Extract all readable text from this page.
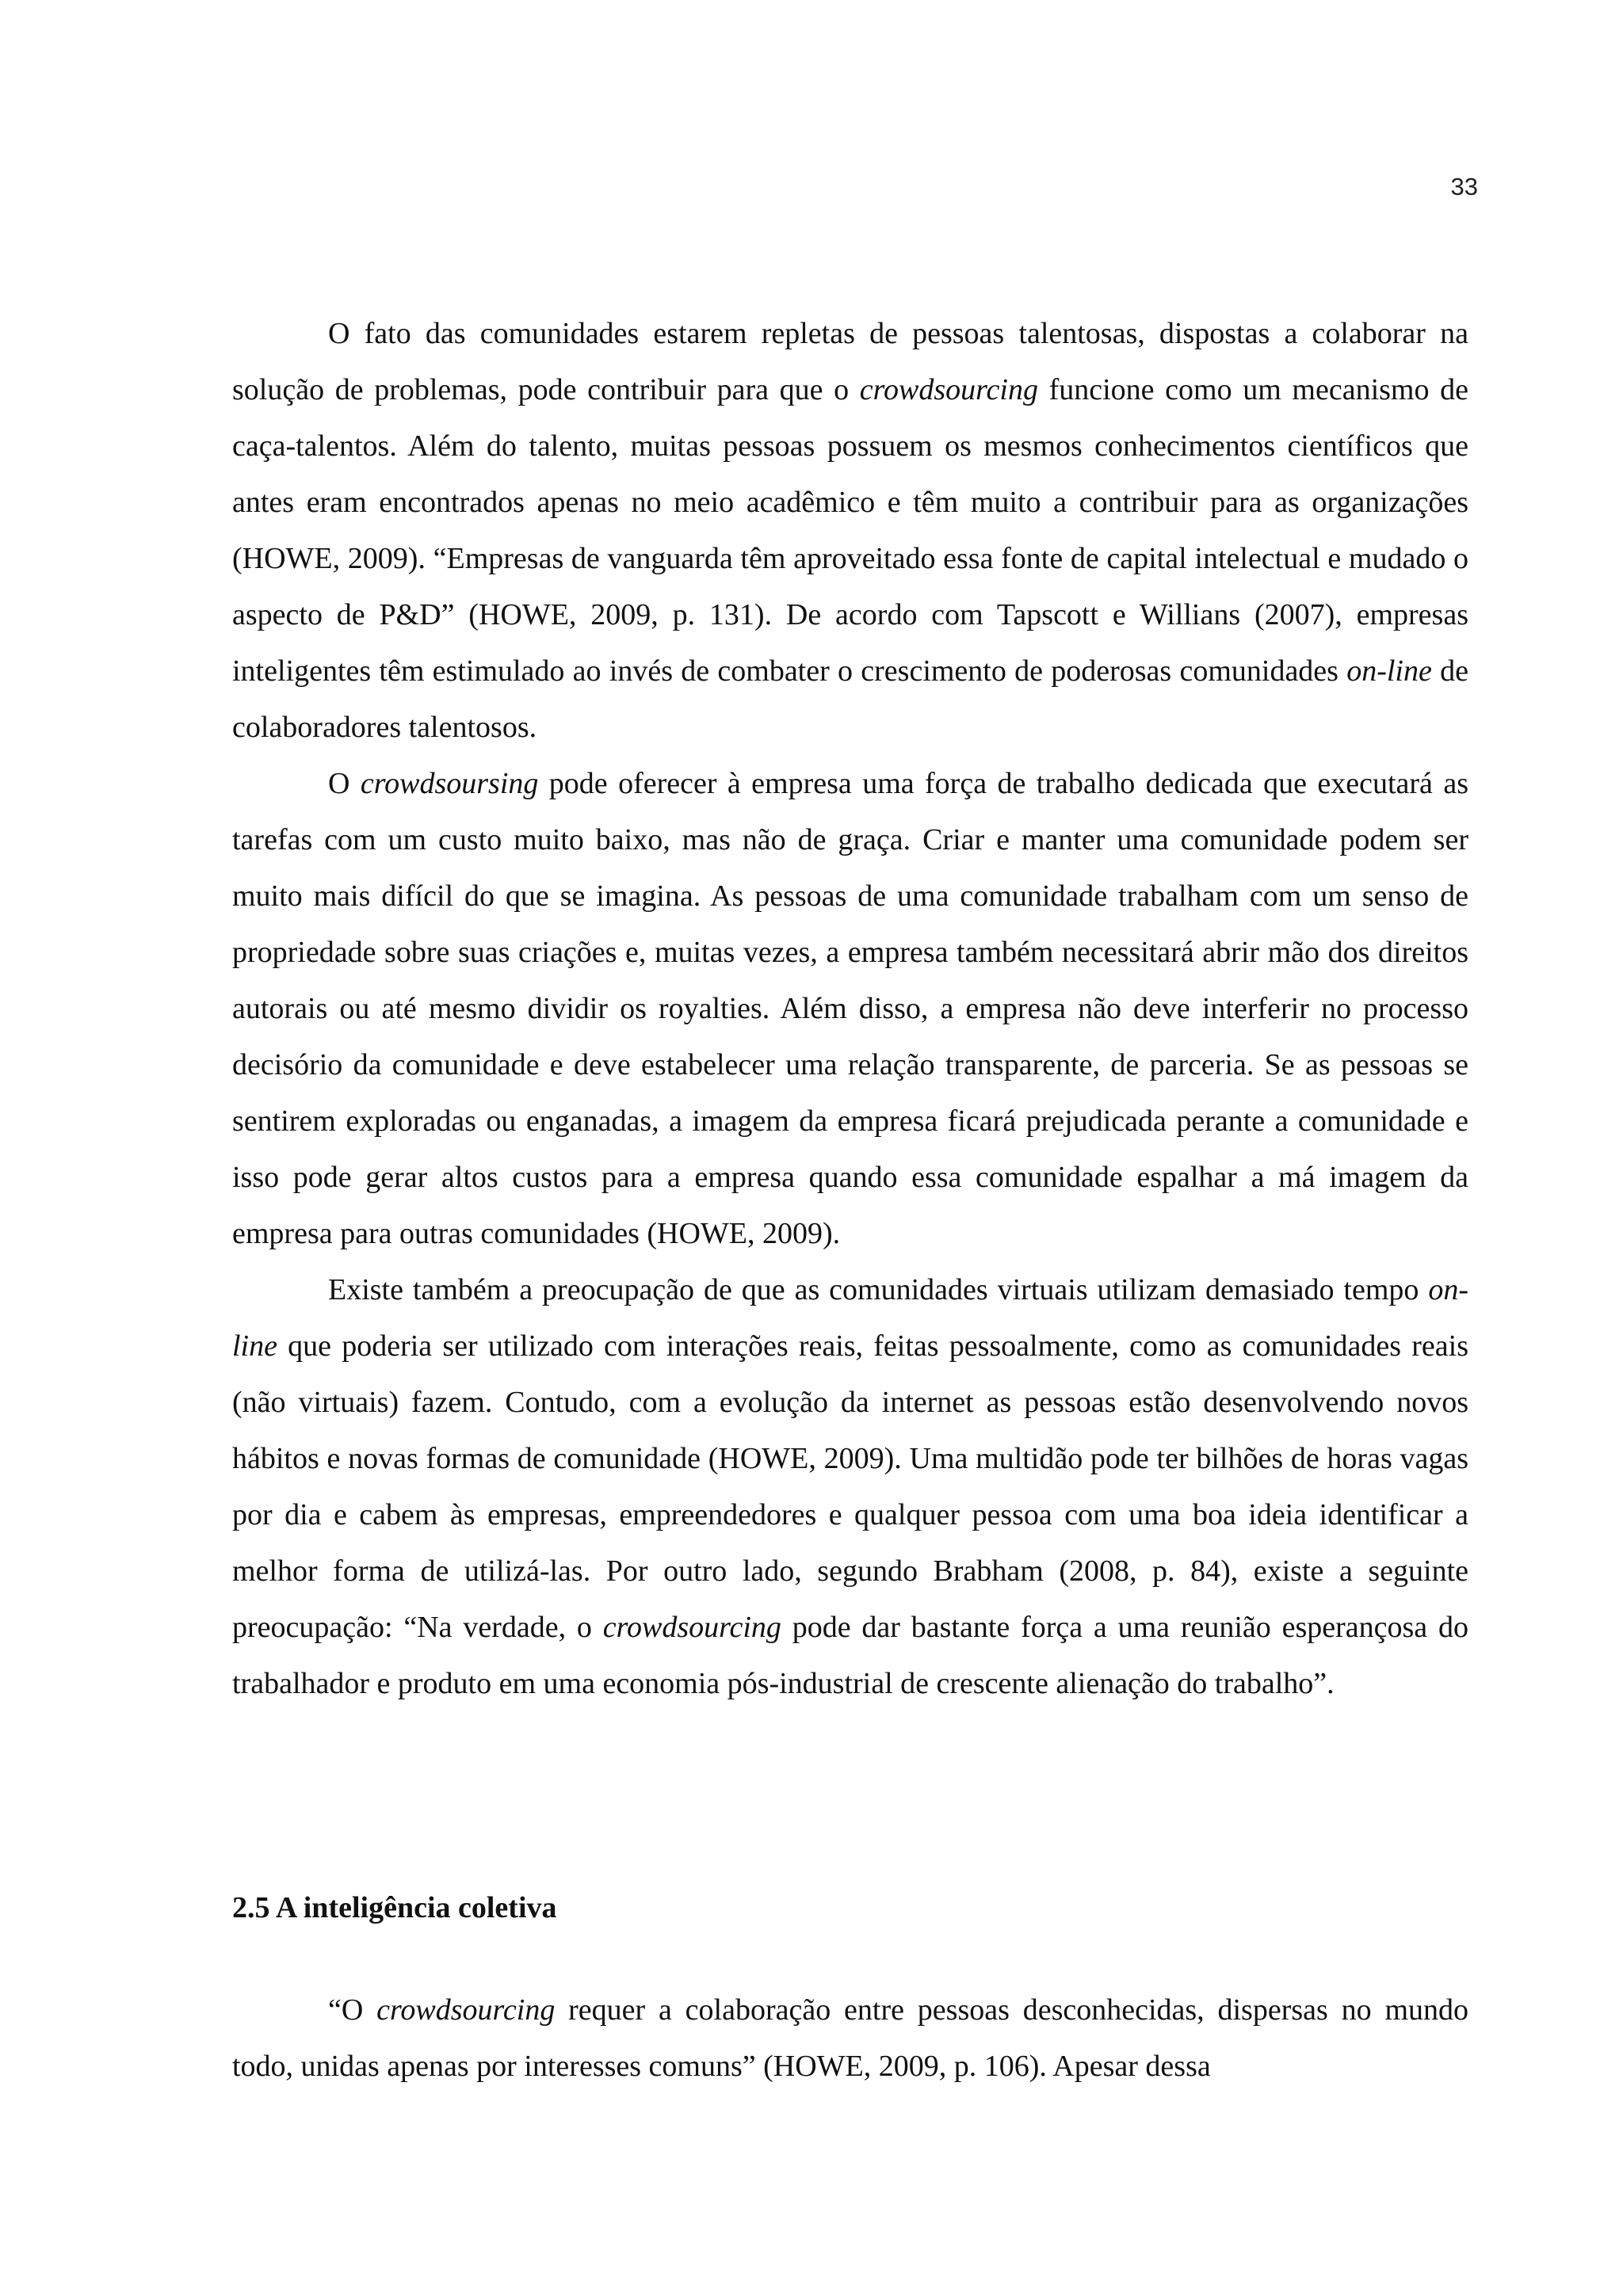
33

O fato das comunidades estarem repletas de pessoas talentosas, dispostas a colaborar na solução de problemas, pode contribuir para que o crowdsourcing funcione como um mecanismo de caça-talentos. Além do talento, muitas pessoas possuem os mesmos conhecimentos científicos que antes eram encontrados apenas no meio acadêmico e têm muito a contribuir para as organizações (HOWE, 2009). “Empresas de vanguarda têm aproveitado essa fonte de capital intelectual e mudado o aspecto de P&D” (HOWE, 2009, p. 131). De acordo com Tapscott e Willians (2007), empresas inteligentes têm estimulado ao invés de combater o crescimento de poderosas comunidades on-line de colaboradores talentosos.

O crowdsoursing pode oferecer à empresa uma força de trabalho dedicada que executará as tarefas com um custo muito baixo, mas não de graça. Criar e manter uma comunidade podem ser muito mais difícil do que se imagina. As pessoas de uma comunidade trabalham com um senso de propriedade sobre suas criações e, muitas vezes, a empresa também necessitará abrir mão dos direitos autorais ou até mesmo dividir os royalties. Além disso, a empresa não deve interferir no processo decisório da comunidade e deve estabelecer uma relação transparente, de parceria. Se as pessoas se sentirem exploradas ou enganadas, a imagem da empresa ficará prejudicada perante a comunidade e isso pode gerar altos custos para a empresa quando essa comunidade espalhar a má imagem da empresa para outras comunidades (HOWE, 2009).

Existe também a preocupação de que as comunidades virtuais utilizam demasiado tempo on-line que poderia ser utilizado com interações reais, feitas pessoalmente, como as comunidades reais (não virtuais) fazem. Contudo, com a evolução da internet as pessoas estão desenvolvendo novos hábitos e novas formas de comunidade (HOWE, 2009). Uma multidão pode ter bilhões de horas vagas por dia e cabem às empresas, empreendedores e qualquer pessoa com uma boa ideia identificar a melhor forma de utilizá-las. Por outro lado, segundo Brabham (2008, p. 84), existe a seguinte preocupação: “Na verdade, o crowdsourcing pode dar bastante força a uma reunião esperançosa do trabalhador e produto em uma economia pós-industrial de crescente alienação do trabalho”.

2.5 A inteligência coletiva

“O crowdsourcing requer a colaboração entre pessoas desconhecidas, dispersas no mundo todo, unidas apenas por interesses comuns” (HOWE, 2009, p. 106). Apesar dessa
